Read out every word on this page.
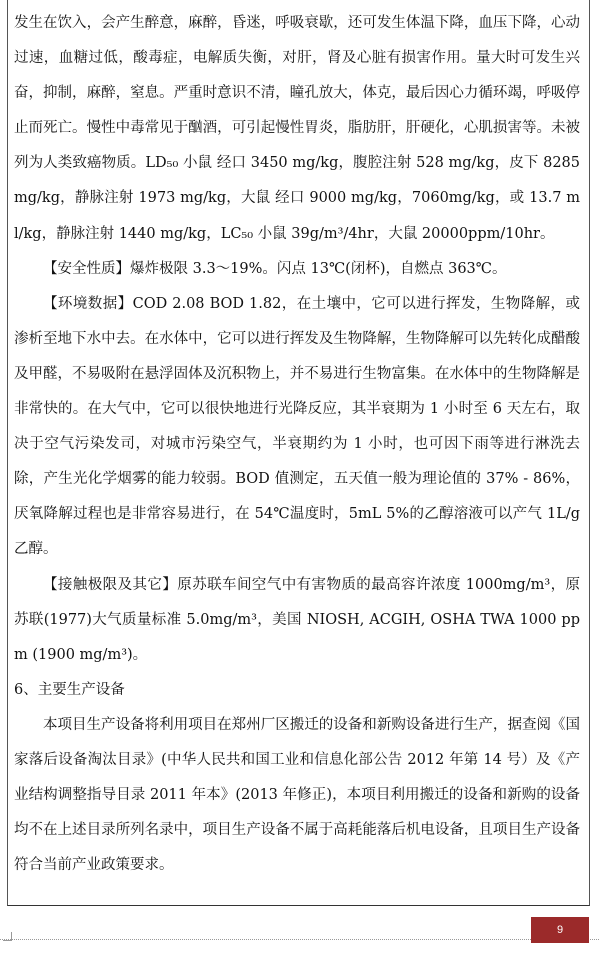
发生在饮入，会产生醉意，麻醉，昏迷，呼吸衰歇，还可发生体温下降，血压下降，心动过速，血糖过低，酸毒症，电解质失衡，对肝，肾及心脏有损害作用。量大时可发生兴奋，抑制，麻醉，窒息。严重时意识不清，瞳孔放大，体克，最后因心力循环竭，呼吸停止而死亡。慢性中毒常见于酗酒，可引起慢性胃炎，脂肪肝，肝硬化，心肌损害等。未被列为人类致癌物质。LD₅₀ 小鼠 经口 3450 mg/kg，腹腔注射 528 mg/kg，皮下 8285 mg/kg，静脉注射 1973 mg/kg，大鼠 经口 9000 mg/kg，7060mg/kg，或 13.7 ml/kg，静脉注射 1440 mg/kg，LC₅₀ 小鼠 39g/m³/4hr，大鼠 20000ppm/10hr。

【安全性质】爆炸极限 3.3～19%。闪点 13℃(闭杯)，自燃点 363℃。

【环境数据】COD 2.08 BOD 1.82，在土壤中，它可以进行挥发，生物降解，或渗析至地下水中去。在水体中，它可以进行挥发及生物降解，生物降解可以先转化成醋酸及甲醛，不易吸附在悬浮固体及沉积物上，并不易进行生物富集。在水体中的生物降解是非常快的。在大气中，它可以很快地进行光降反应，其半衰期为 1 小时至 6 天左右，取决于空气污染发司，对城市污染空气，半衰期约为 1 小时，也可因下雨等进行淋洗去除，产生光化学烟雾的能力较弱。BOD 值测定，五天值一般为理论值的 37% - 86%，厌氧降解过程也是非常容易进行，在 54℃温度时，5mL 5%的乙醇溶液可以产气 1L/g 乙醇。

【接触极限及其它】原苏联车间空气中有害物质的最高容许浓度 1000mg/m³，原苏联(1977)大气质量标准 5.0mg/m³，美国 NIOSH, ACGIH, OSHA TWA 1000 ppm (1900 mg/m³)。

6、主要生产设备

本项目生产设备将利用项目在郑州厂区搬迁的设备和新购设备进行生产，据查阅《国家落后设备淘汰目录》(中华人民共和国工业和信息化部公告 2012 年第 14 号）及《产业结构调整指导目录 2011 年本》(2013 年修正)，本项目利用搬迁的设备和新购的设备均不在上述目录所列名录中，项目生产设备不属于高耗能落后机电设备，且项目生产设备符合当前产业政策要求。

9
